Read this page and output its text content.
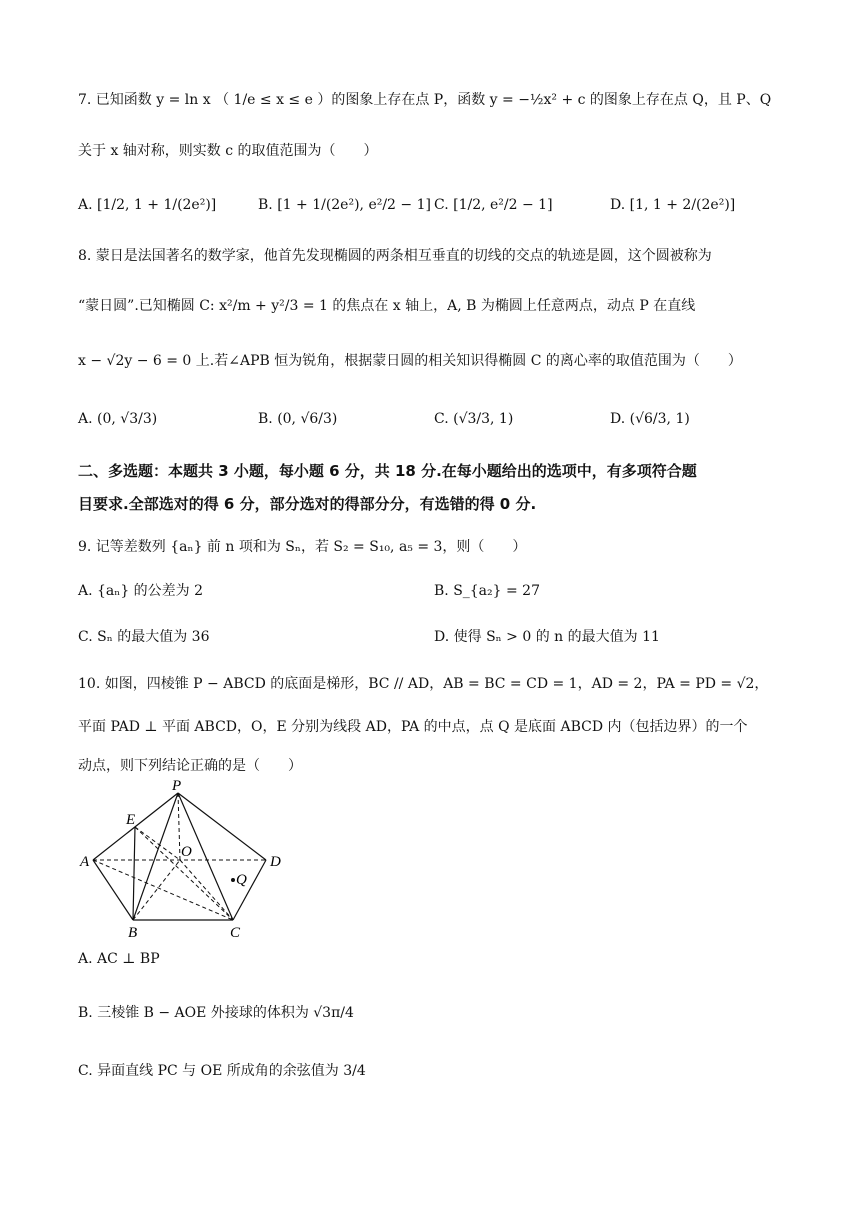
7. 已知函数 y = ln x （ 1/e ≤ x ≤ e ）的图象上存在点 P，函数 y = −½x² + c 的图象上存在点 Q，且 P、Q
关于 x 轴对称，则实数 c 的取值范围为（　　）
A. [1/2, 1 + 1/(2e²)]	B. [1 + 1/(2e²), e²/2 − 1] C. [1/2, e²/2 − 1]	D. [1, 1 + 2/(2e²)]
8. 蒙日是法国著名的数学家，他首先发现椭圆的两条相互垂直的切线的交点的轨迹是圆，这个圆被称为
“蒙日圆”.已知椭圆 C: x²/m + y²/3 = 1 的焦点在 x 轴上，A, B 为椭圆上任意两点，动点 P 在直线
x − √2y − 6 = 0 上.若∠APB 恒为锐角，根据蒙日圆的相关知识得椭圆 C 的离心率的取值范围为（　　）
A. (0, √3/3)	B. (0, √6/3)	C. (√3/3, 1)	D. (√6/3, 1)
二、多选题：本题共 3 小题，每小题 6 分，共 18 分.在每小题给出的选项中，有多项符合题
目要求.全部选对的得 6 分，部分选对的得部分分，有选错的得 0 分.
9. 记等差数列 {aₙ} 前 n 项和为 Sₙ，若 S₂ = S₁₀, a₅ = 3，则（　　）
A. {aₙ} 的公差为 2	B. S_{a₂} = 27
C. Sₙ 的最大值为 36	D. 使得 Sₙ > 0 的 n 的最大值为 11
10. 如图，四棱锥 P − ABCD 的底面是梯形，BC // AD，AB = BC = CD = 1，AD = 2，PA = PD = √2，
平面 PAD ⊥ 平面 ABCD，O，E 分别为线段 AD，PA 的中点，点 Q 是底面 ABCD 内（包括边界）的一个
动点，则下列结论正确的是（　　）
P
E
A
O
D
Q
B	C
A. AC ⊥ BP
B. 三棱锥 B − AOE 外接球的体积为 √3π/4
C. 异面直线 PC 与 OE 所成角的余弦值为 3/4
